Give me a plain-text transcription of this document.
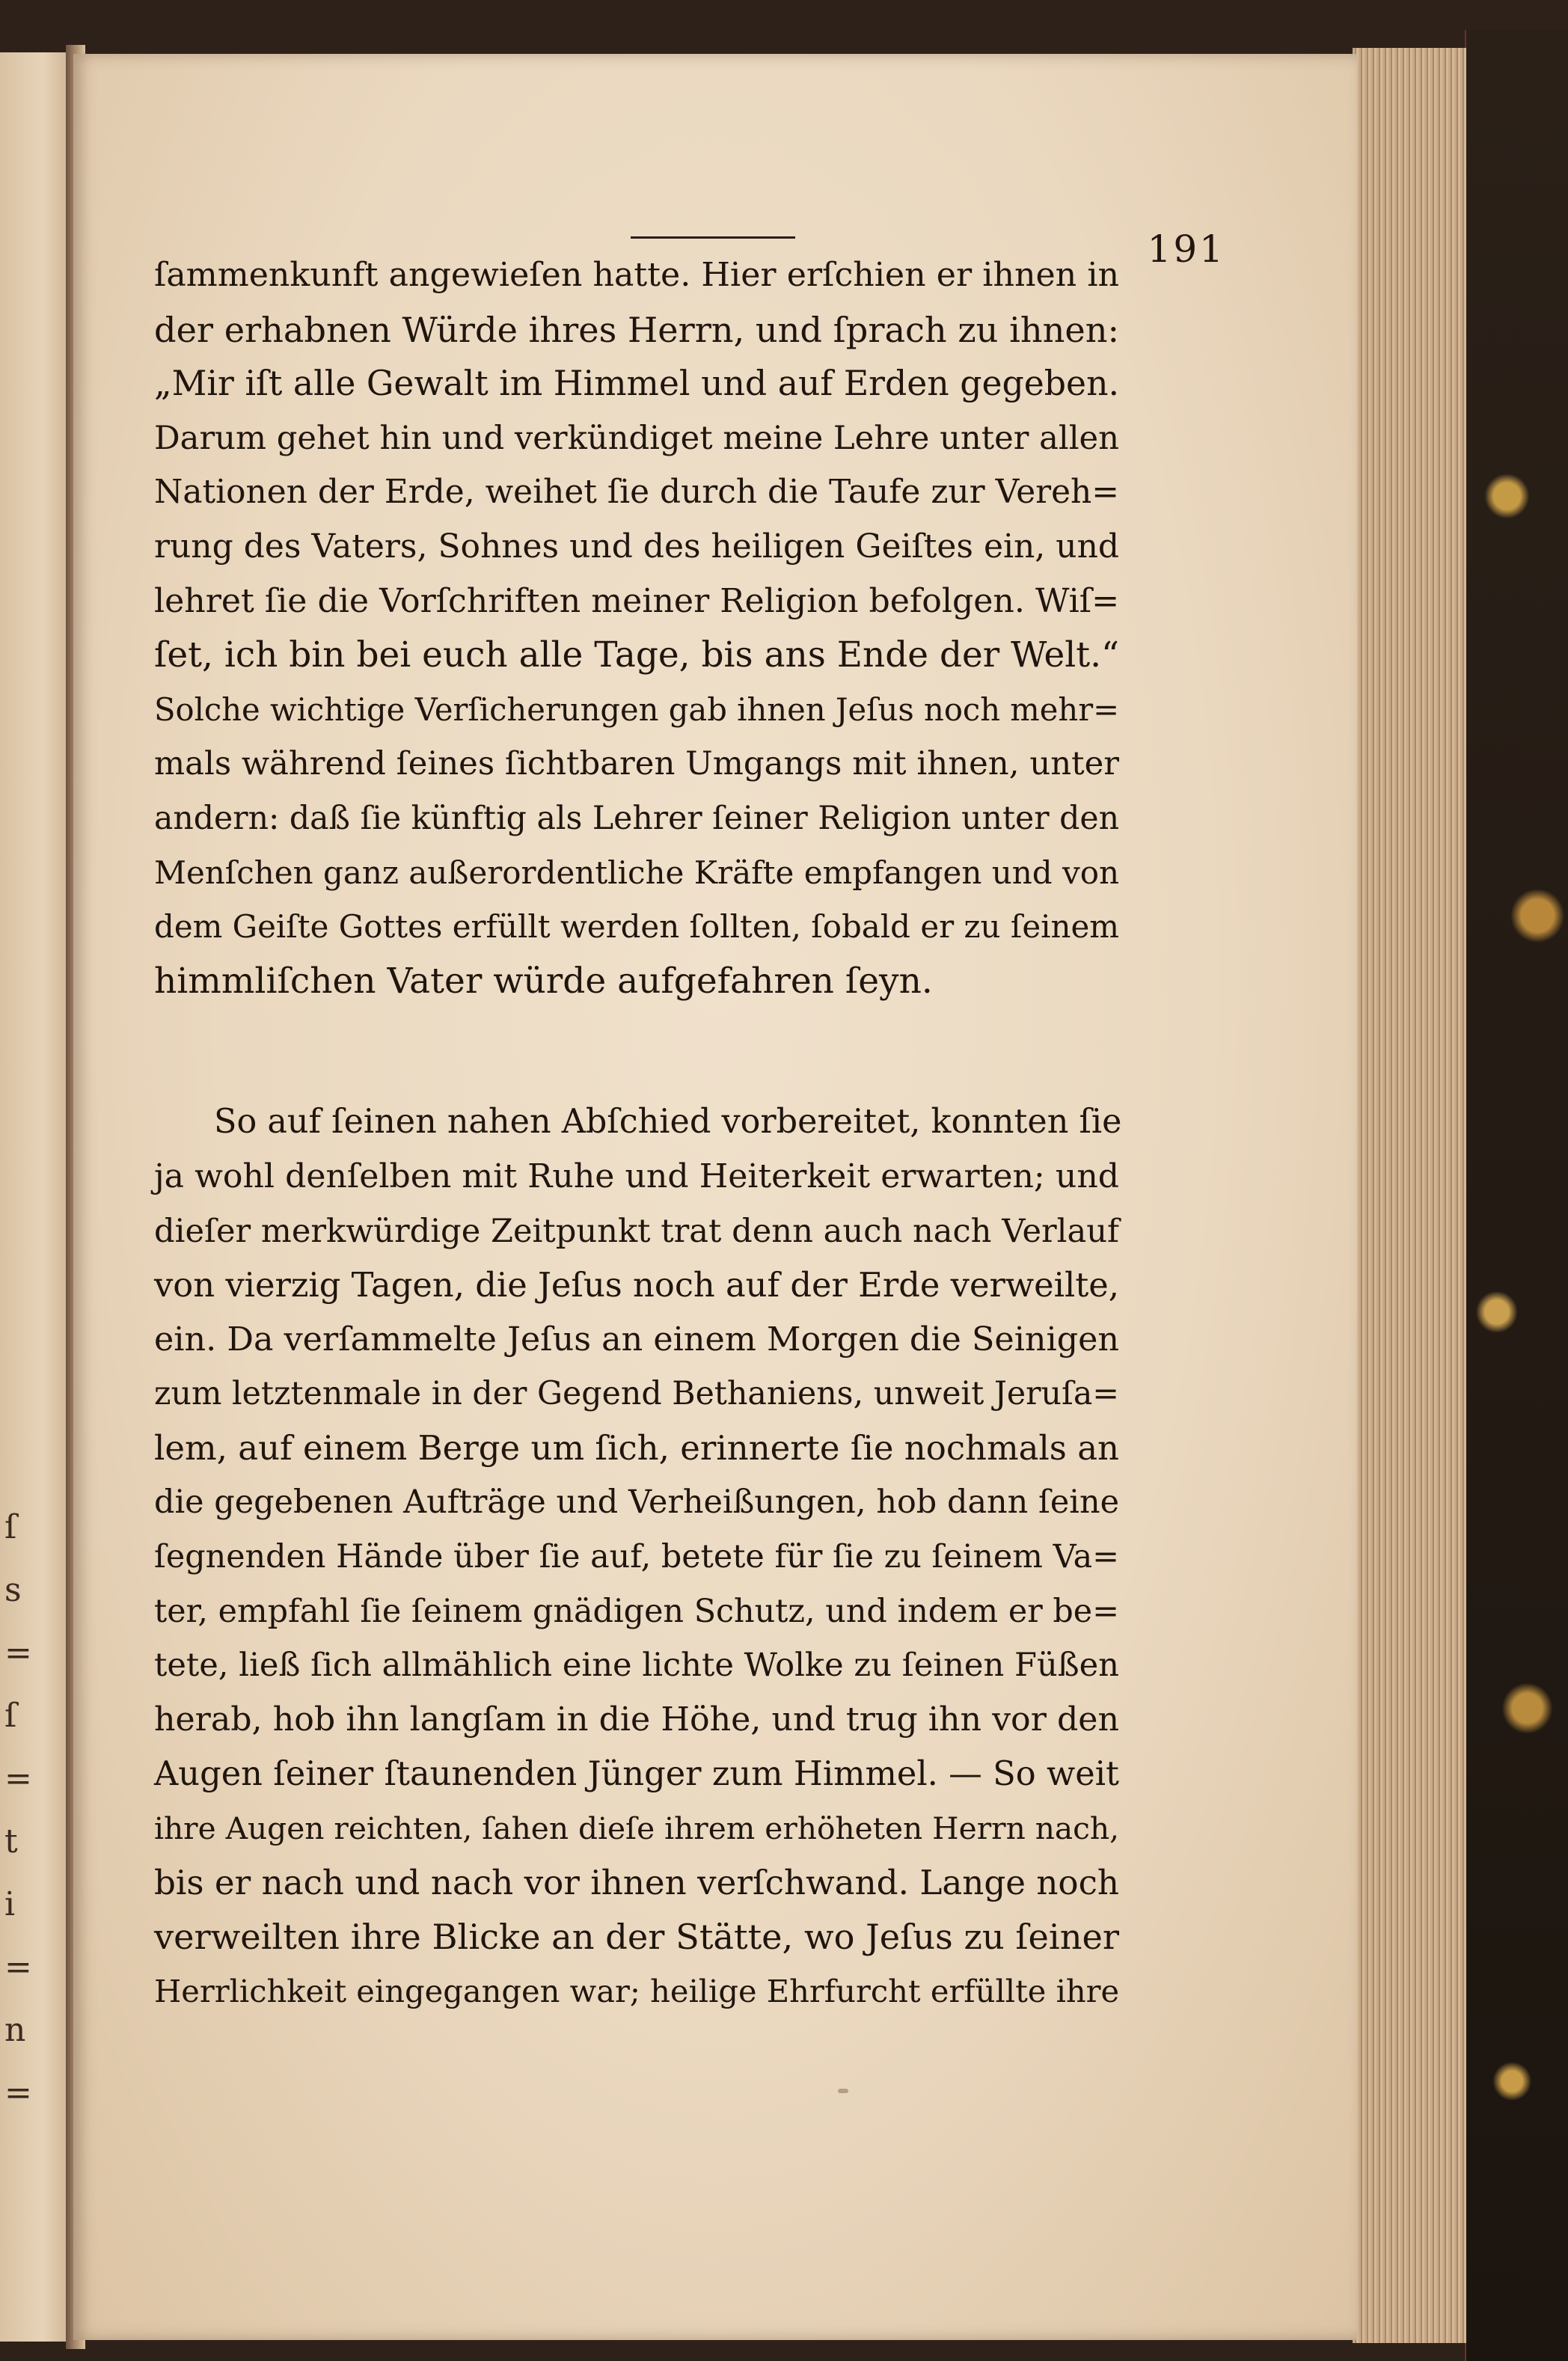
ſ
s
=
ſ
=
t
i
=
n
=
191
ſammenkunft angewieſen hatte. Hier erſchien er ihnen in
der erhabnen Würde ihres Herrn, und ſprach zu ihnen:
„Mir iſt alle Gewalt im Himmel und auf Erden gegeben.
Darum gehet hin und verkündiget meine Lehre unter allen
Nationen der Erde, weihet ſie durch die Taufe zur Vereh=
rung des Vaters, Sohnes und des heiligen Geiſtes ein, und
lehret ſie die Vorſchriften meiner Religion befolgen. Wiſ=
ſet, ich bin bei euch alle Tage, bis ans Ende der Welt.“
Solche wichtige Verſicherungen gab ihnen Jeſus noch mehr=
mals während ſeines ſichtbaren Umgangs mit ihnen, unter
andern: daß ſie künftig als Lehrer ſeiner Religion unter den
Menſchen ganz außerordentliche Kräfte empfangen und von
dem Geiſte Gottes erfüllt werden ſollten, ſobald er zu ſeinem
himmliſchen Vater würde aufgefahren ſeyn.
So auf ſeinen nahen Abſchied vorbereitet, konnten ſie
ja wohl denſelben mit Ruhe und Heiterkeit erwarten; und
dieſer merkwürdige Zeitpunkt trat denn auch nach Verlauf
von vierzig Tagen, die Jeſus noch auf der Erde verweilte,
ein. Da verſammelte Jeſus an einem Morgen die Seinigen
zum letztenmale in der Gegend Bethaniens, unweit Jeruſa=
lem, auf einem Berge um ſich, erinnerte ſie nochmals an
die gegebenen Aufträge und Verheißungen, hob dann ſeine
ſegnenden Hände über ſie auf, betete für ſie zu ſeinem Va=
ter, empfahl ſie ſeinem gnädigen Schutz, und indem er be=
tete, ließ ſich allmählich eine lichte Wolke zu ſeinen Füßen
herab, hob ihn langſam in die Höhe, und trug ihn vor den
Augen ſeiner ſtaunenden Jünger zum Himmel. — So weit
ihre Augen reichten, ſahen dieſe ihrem erhöheten Herrn nach,
bis er nach und nach vor ihnen verſchwand. Lange noch
verweilten ihre Blicke an der Stätte, wo Jeſus zu ſeiner
Herrlichkeit eingegangen war; heilige Ehrfurcht erfüllte ihre
